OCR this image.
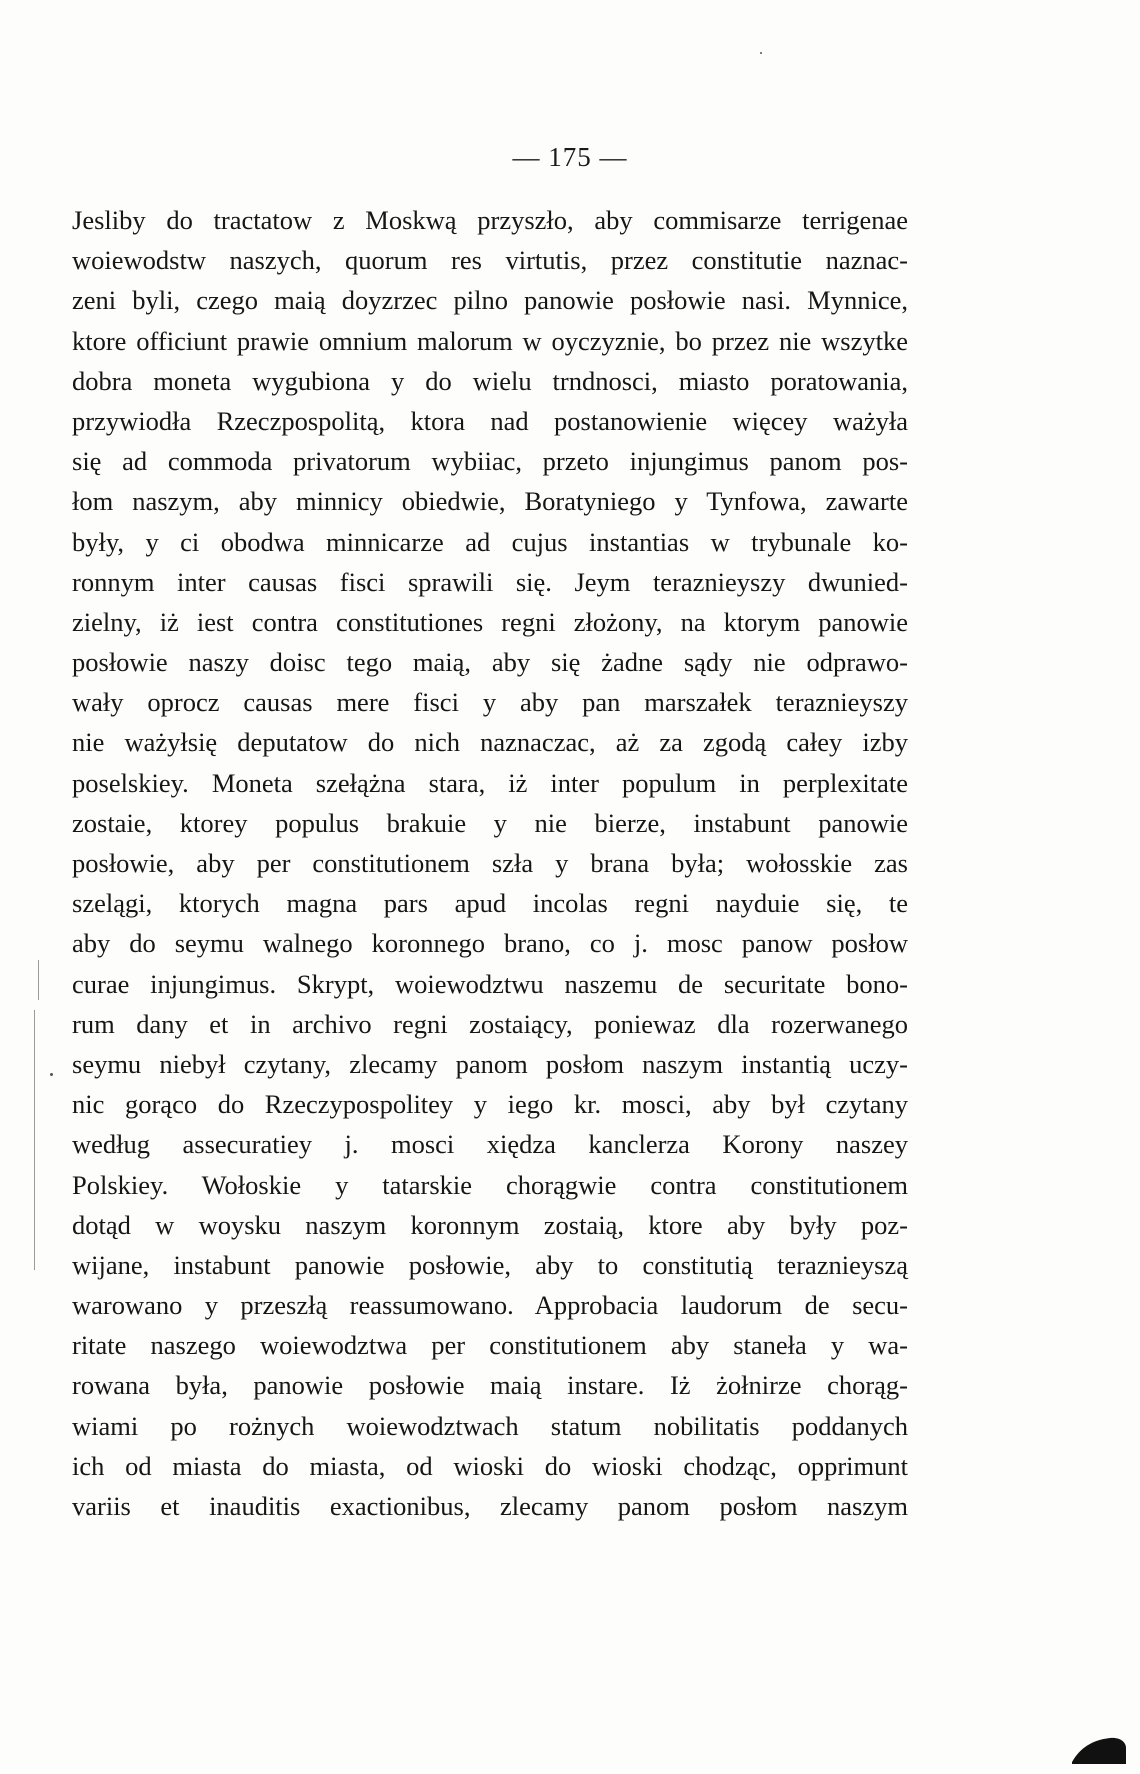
— 175 —
Jesliby do tractatow z Moskwą przyszło, aby commisarze terrigenae
woiewodstw naszych, quorum res virtutis, przez constitutie naznac-
zeni byli, czego maią doyzrzec pilno panowie posłowie nasi. Mynnice,
ktore officiunt prawie omnium malorum w oyczyznie, bo przez nie wszytke
dobra moneta wygubiona y do wielu trndnosci, miasto poratowania,
przywiodła Rzeczpospolitą, ktora nad postanowienie więcey ważyła
się ad commoda privatorum wybiiac, przeto injungimus panom pos-
łom naszym, aby minnicy obiedwie, Boratyniego y Tynfowa, zawarte
były, y ci obodwa minnicarze ad cujus instantias w trybunale ko-
ronnym inter causas fisci sprawili się. Jeym teraznieyszy dwunied-
zielny, iż iest contra constitutiones regni złożony, na ktorym panowie
posłowie naszy doisc tego maią, aby się żadne sądy nie odprawo-
wały oprocz causas mere fisci y aby pan marszałek teraznieyszy
nie ważyłsię deputatow do nich naznaczac, aż za zgodą całey izby
poselskiey. Moneta szełążna stara, iż inter populum in perplexitate
zostaie, ktorey populus brakuie y nie bierze, instabunt panowie
posłowie, aby per constitutionem szła y brana była; wołosskie zas
szelągi, ktorych magna pars apud incolas regni nayduie się, te
aby do seymu walnego koronnego brano, co j. mosc panow posłow
curae injungimus. Skrypt, woiewodztwu naszemu de securitate bono-
rum dany et in archivo regni zostaiący, poniewaz dla rozerwanego
seymu niebył czytany, zlecamy panom posłom naszym instantią uczy-
nic gorąco do Rzeczypospolitey y iego kr. mosci, aby był czytany
według assecuratiey j. mosci xiędza kanclerza Korony naszey
Polskiey. Wołoskie y tatarskie chorągwie contra constitutionem
dotąd w woysku naszym koronnym zostaią, ktore aby były poz-
wijane, instabunt panowie posłowie, aby to constitutią teraznieyszą
warowano y przeszłą reassumowano. Approbacia laudorum de secu-
ritate naszego woiewodztwa per constitutionem aby staneła y wa-
rowana była, panowie posłowie maią instare. Iż żołnirze chorąg-
wiami po rożnych woiewodztwach statum nobilitatis poddanych
ich od miasta do miasta, od wioski do wioski chodząc, opprimunt
variis et inauditis exactionibus, zlecamy panom posłom naszym
